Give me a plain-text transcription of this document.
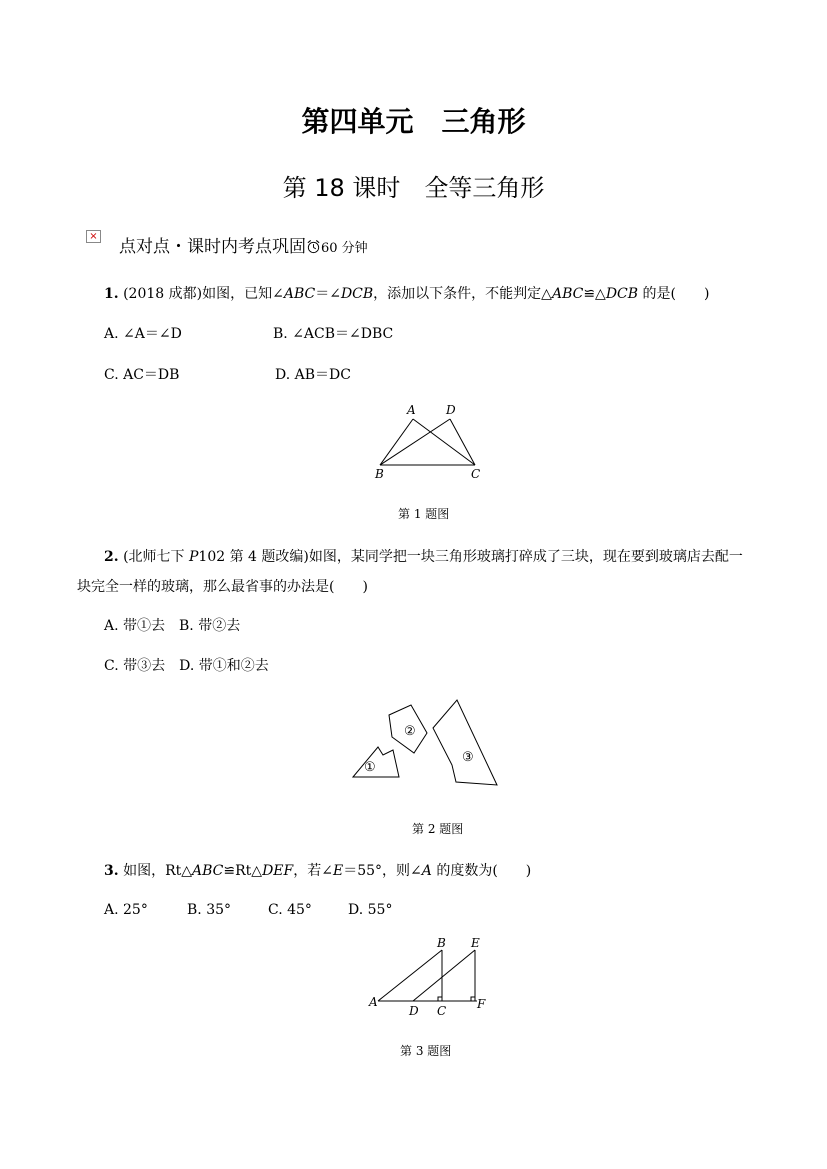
第四单元　三角形
第 18 课时　全等三角形
×点对点・课时内考点巩固 60 分钟
1. (2018 成都)如图，已知∠ABC＝∠DCB，添加以下条件，不能判定△ABC≌△DCB 的是(　　)
A. ∠A＝∠D	B. ∠ACB＝∠DBC
C. AC＝DB	D. AB＝DC
A	D
B	C
第 1 题图
2. (北师七下 P102 第 4 题改编)如图，某同学把一块三角形玻璃打碎成了三块，现在要到玻璃店去配一
块完全一样的玻璃，那么最省事的办法是(　　)
A. 带①去　B. 带②去
C. 带③去　D. 带①和②去
①
②
③
第 2 题图
3. 如图，Rt△ABC≌Rt△DEF，若∠E＝55°，则∠A 的度数为(　　)
A. 25°	B. 35°	C. 45°	D. 55°
B E
A
D C	F
第 3 题图
